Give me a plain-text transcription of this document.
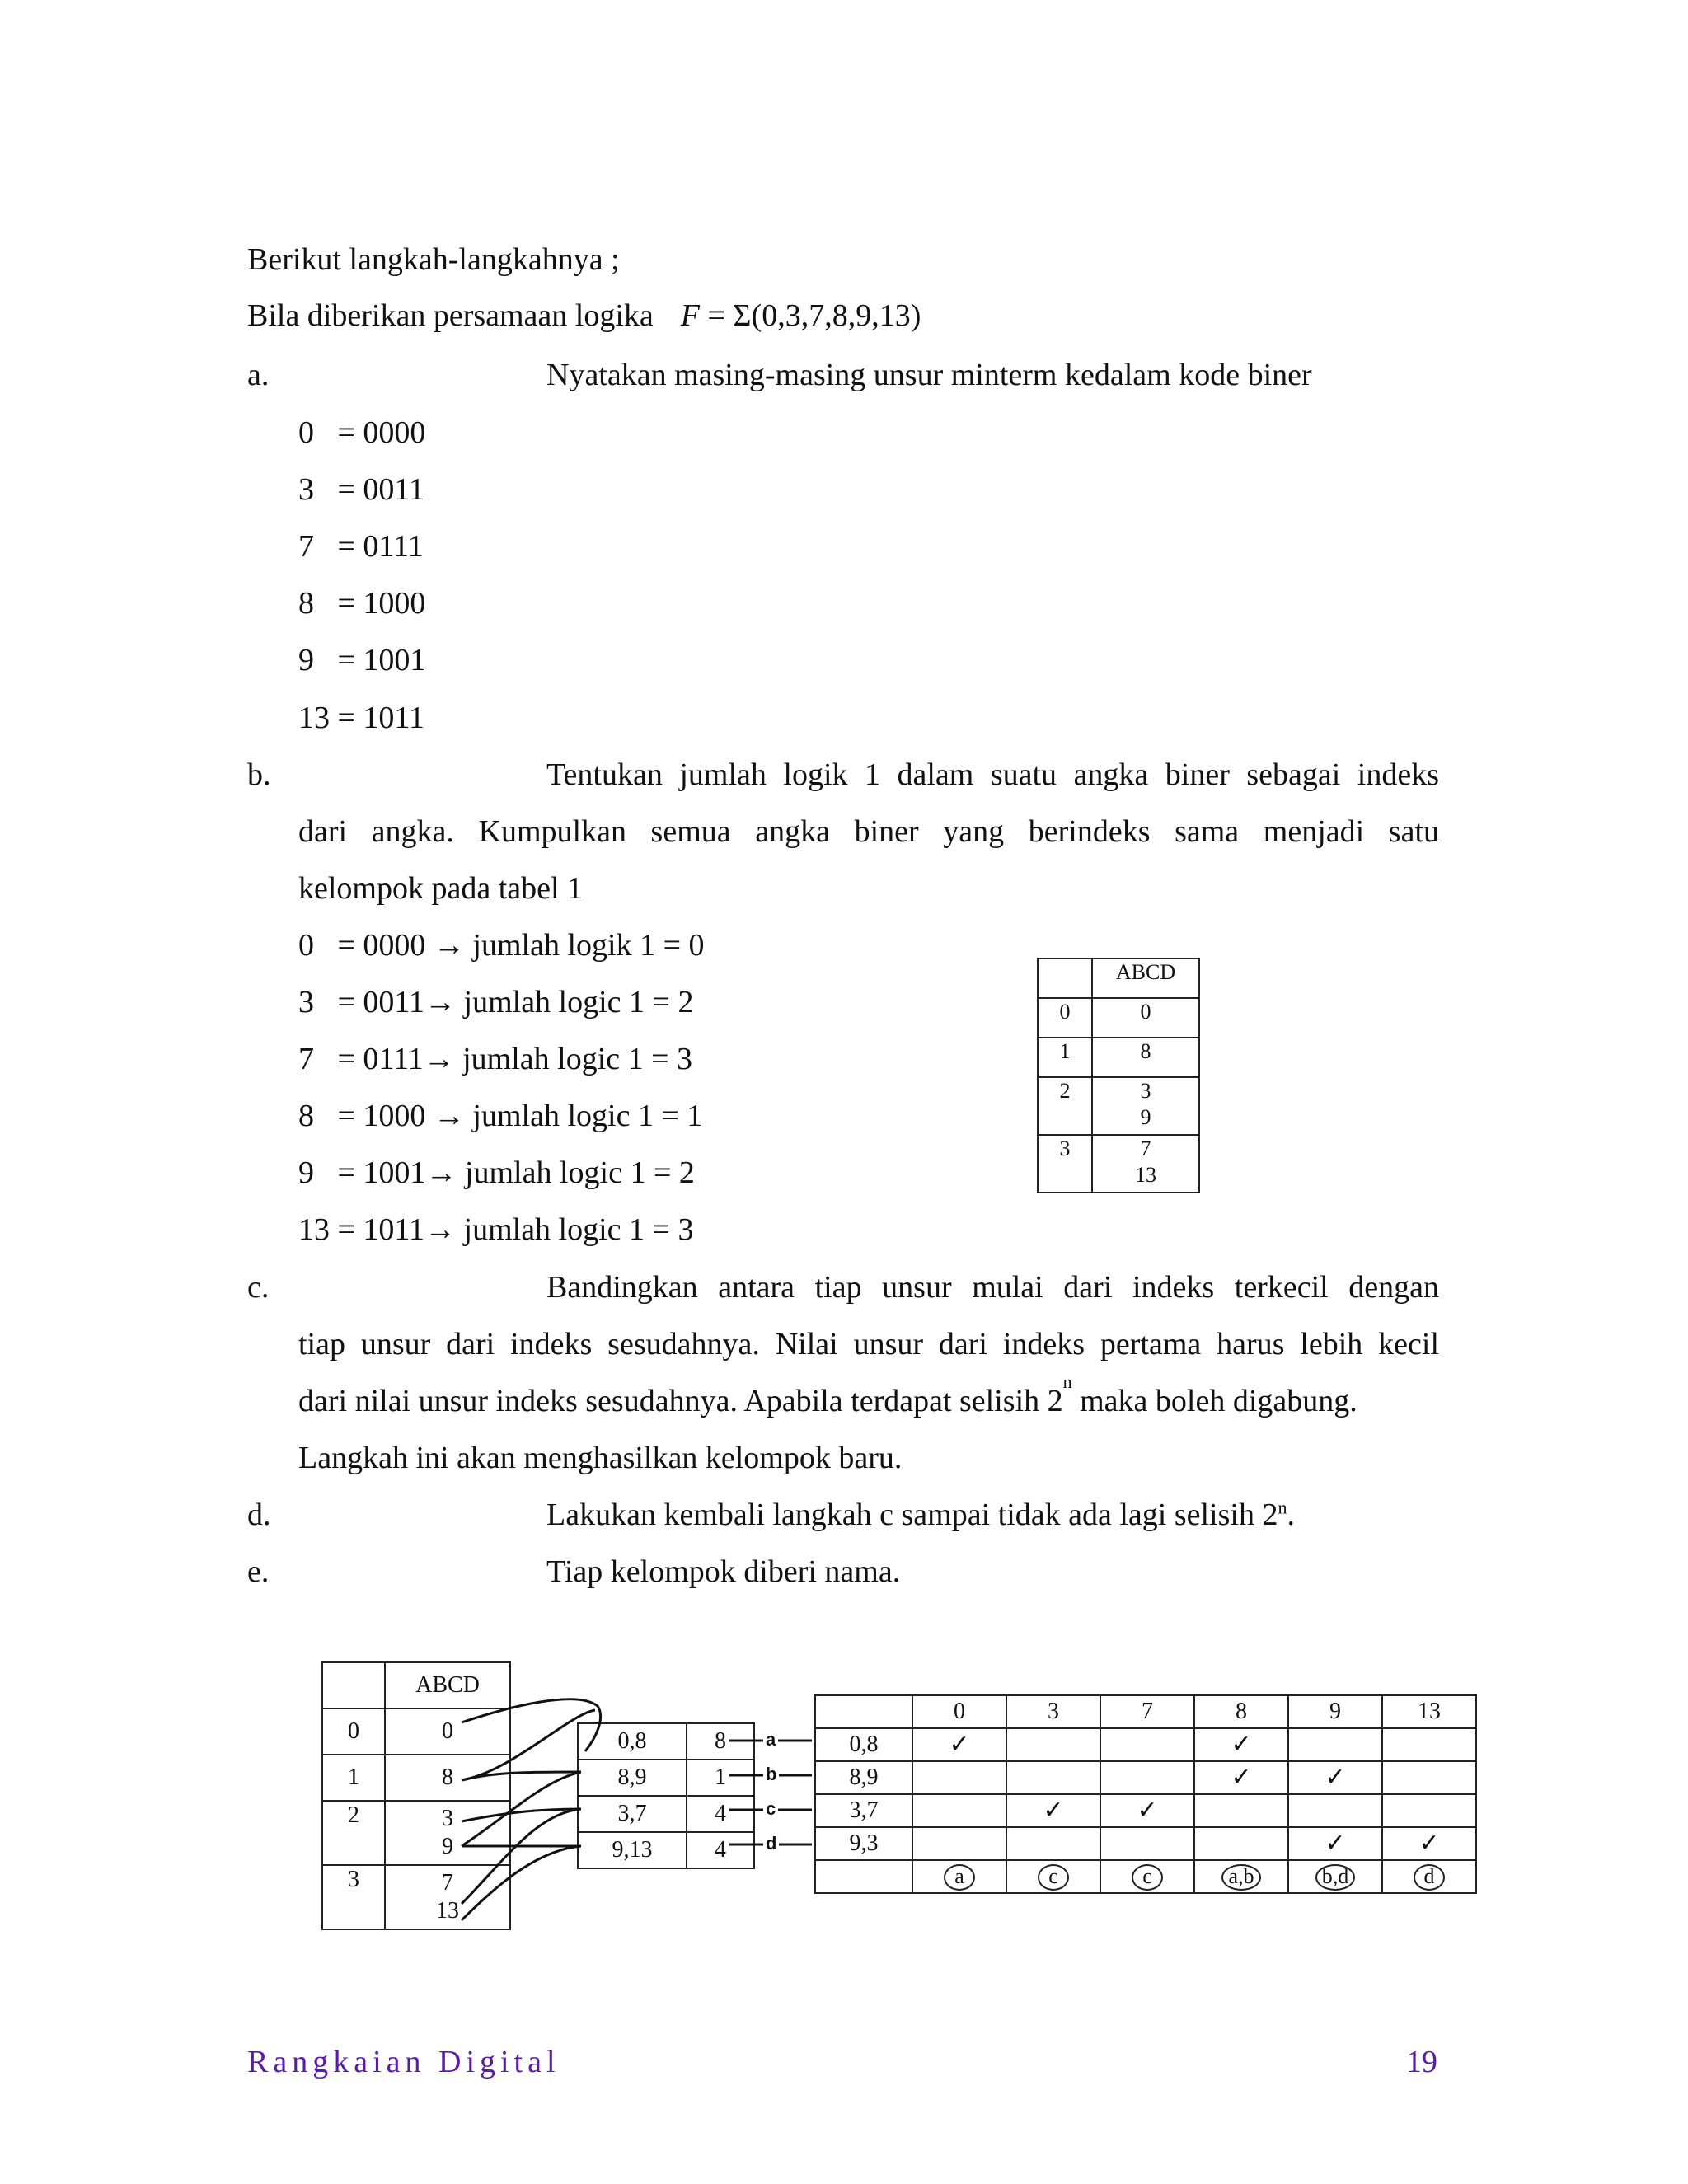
Berikut langkah-langkahnya ;
Bila diberikan persamaan logika F = Σ(0,3,7,8,9,13)
a.	Nyatakan masing-masing unsur minterm kedalam kode biner
0   = 0000
3   = 0011
7   = 0111
8   = 1000
9   = 1001
13 = 1011
b.	Tentukan jumlah logik 1 dalam suatu angka biner sebagai indeks
dari angka. Kumpulkan semua angka biner yang berindeks sama menjadi satu
kelompok pada tabel 1
0   = 0000 → jumlah logik 1 = 0
3   = 0011→ jumlah logic 1 = 2
7   = 0111→ jumlah logic 1 = 3
8   = 1000 → jumlah logic 1 = 1
9   = 1001→ jumlah logic 1 = 2
13 = 1011→ jumlah logic 1 = 3
	ABCD
0	0
1	8
2	3
9
3	7
13
c.	Bandingkan antara tiap unsur mulai dari indeks terkecil dengan
tiap unsur dari indeks sesudahnya. Nilai unsur dari indeks pertama harus lebih kecil
dari nilai unsur indeks sesudahnya. Apabila terdapat selisih 2
n
maka boleh digabung.
Langkah ini akan menghasilkan kelompok baru.
d.	Lakukan kembali langkah c sampai tidak ada lagi selisih 2$^n$.
e.	Tiap kelompok diberi nama.
	ABCD
0	0
1	8
2	3
9
3	7
13
0,8	8
8,9	1
3,7	4
9,13	4
a
b
c
d
	0	3	7	8	9	13
0,8	✓			✓		
8,9				✓	✓	
3,7		✓	✓			
9,3					✓	✓
	a	c	c	a,b	b,d	d
Rangkaian Digital	19
